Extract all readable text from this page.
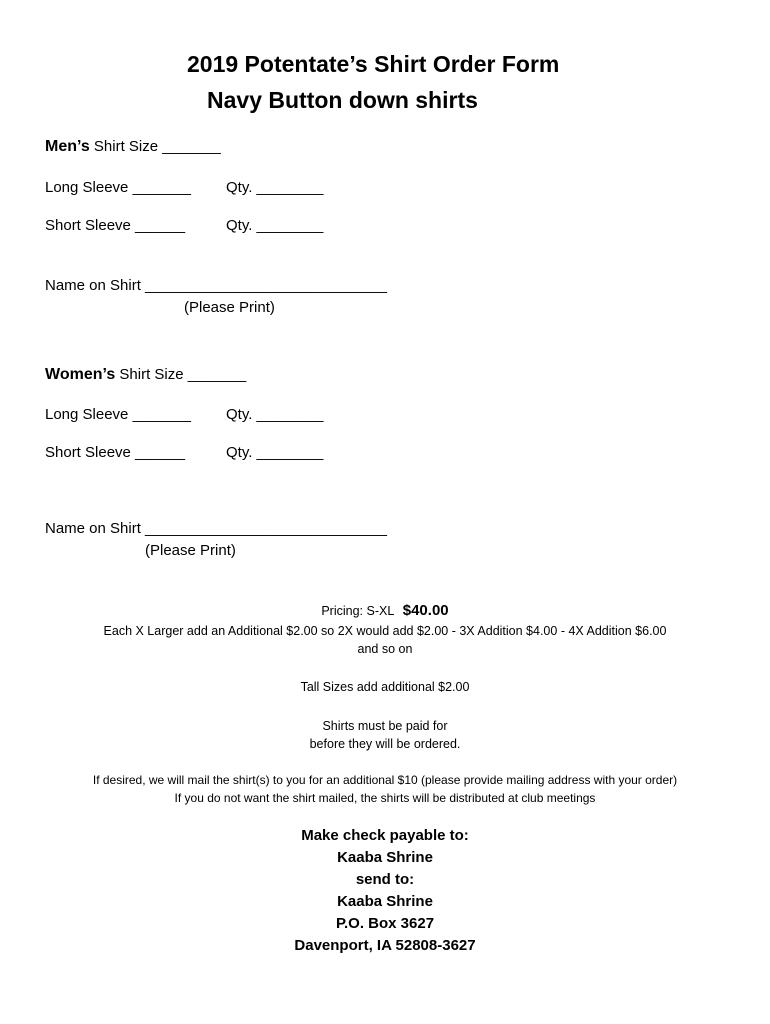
2019 Potentate’s Shirt Order Form
Navy Button down shirts
Men’s Shirt Size _______
Long Sleeve _______ Qty. ________
Short Sleeve ______	Qty. ________
Name on Shirt _____________________________
(Please Print)
Women’s Shirt Size _______
Long Sleeve _______ Qty. ________
Short Sleeve ______	Qty. ________
Name on Shirt _____________________________
(Please Print)
Pricing: S-XL $40.00
Each X Larger add an Additional $2.00 so 2X would add $2.00 - 3X Addition $4.00 - 4X Addition $6.00
and so on
Tall Sizes add additional $2.00
Shirts must be paid for
before they will be ordered.
If desired, we will mail the shirt(s) to you for an additional $10 (please provide mailing address with your order)
If you do not want the shirt mailed, the shirts will be distributed at club meetings
Make check payable to:
Kaaba Shrine
send to:
Kaaba Shrine
P.O. Box 3627
Davenport, IA 52808-3627
